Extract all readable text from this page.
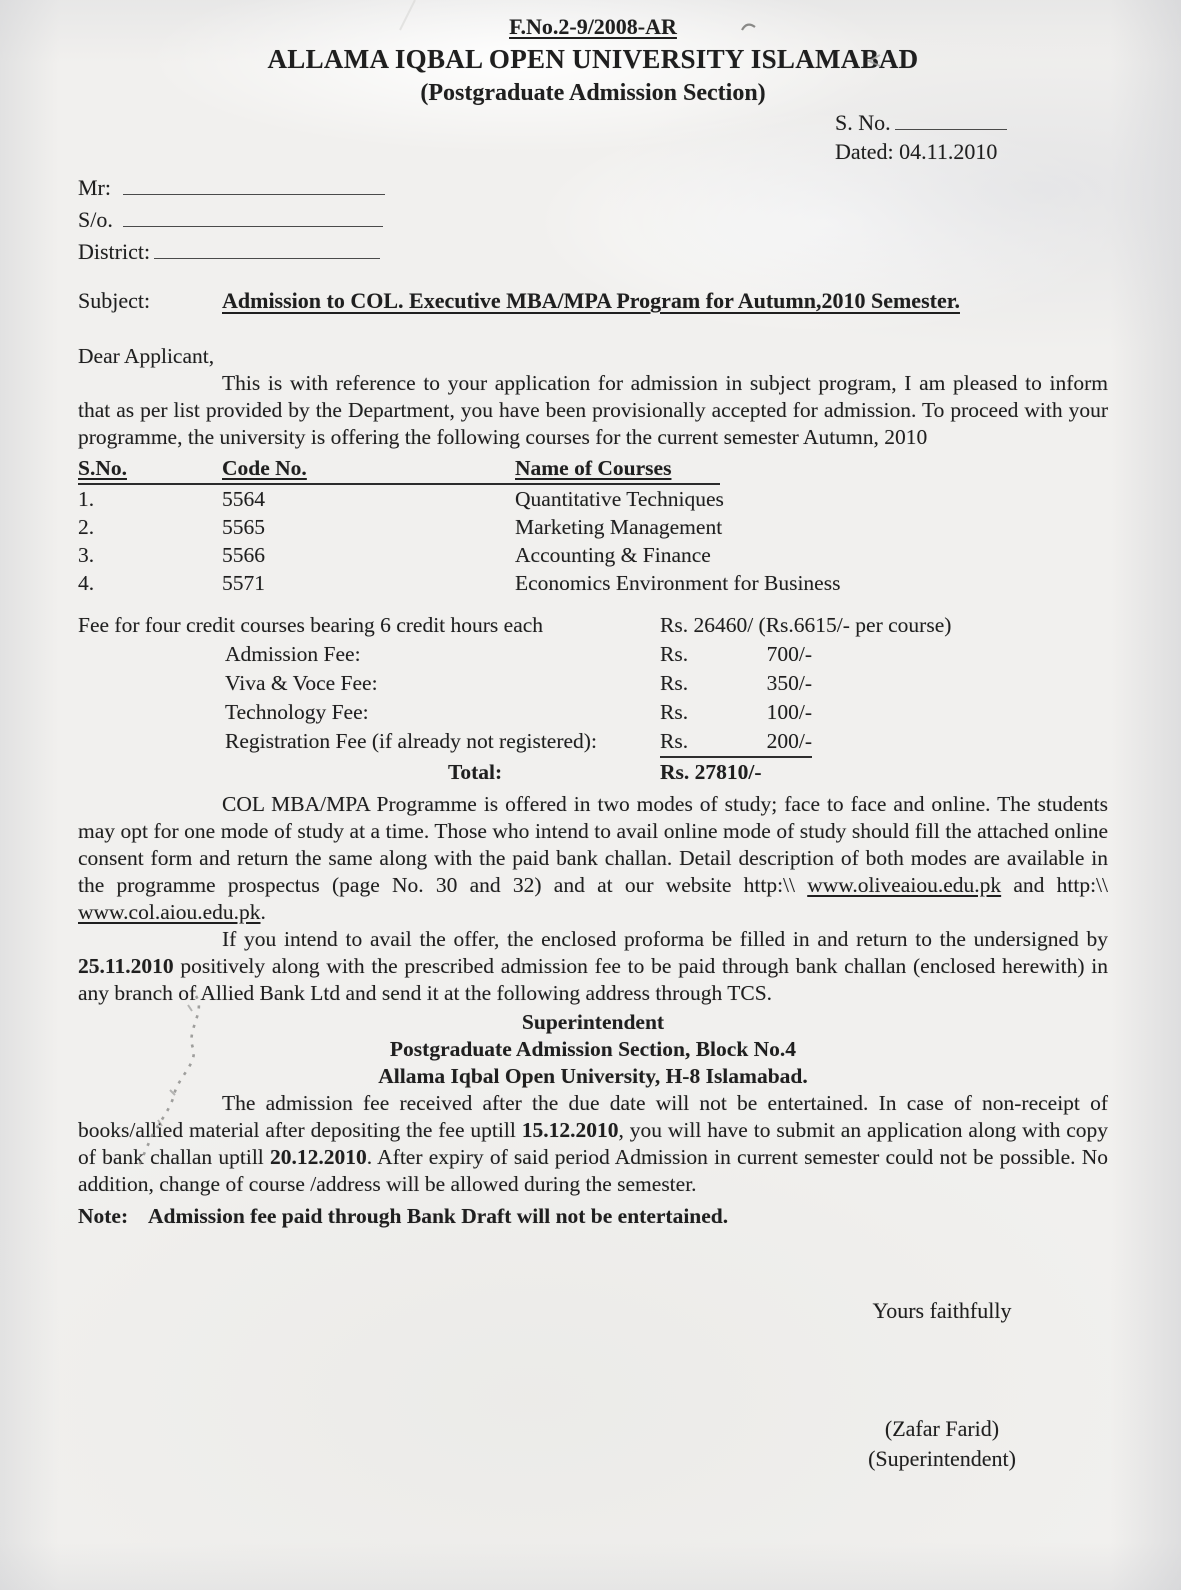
F.No.2-9/2008-AR
ALLAMA IQBAL OPEN UNIVERSITY ISLAMABAD
(Postgraduate Admission Section)
S. No.
Dated: 04.11.2010
Mr:
S/o.
District:
Subject:	Admission to COL. Executive MBA/MPA Program for Autumn,2010 Semester.
Dear Applicant,

This is with reference to your application for admission in subject program, I am pleased to inform that as per list provided by the Department, you have been provisionally accepted for admission. To proceed with your programme, the university is offering the following courses for the current semester Autumn, 2010

S.No.	Code No.	Name of Courses
1.	5564	Quantitative Techniques
2.	5565	Marketing Management
3.	5566	Accounting & Finance
4.	5571	Economics Environment for Business
Fee for four credit courses bearing 6 credit hours each	Rs. 26460/ (Rs.6615/- per course)
Admission Fee:	Rs.	700/-
Viva & Voce Fee:	Rs.	350/-
Technology Fee:	Rs.	100/-
Registration Fee (if already not registered):	Rs.	200/-
Total:	Rs. 27810/-

COL MBA/MPA Programme is offered in two modes of study; face to face and online. The students may opt for one mode of study at a time. Those who intend to avail online mode of study should fill the attached online consent form and return the same along with the paid bank challan. Detail description of both modes are available in the programme prospectus (page No. 30 and 32) and at our website http:\\ www.oliveaiou.edu.pk and http:\\ www.col.aiou.edu.pk.

If you intend to avail the offer, the enclosed proforma be filled in and return to the undersigned by 25.11.2010 positively along with the prescribed admission fee to be paid through bank challan (enclosed herewith) in any branch of Allied Bank Ltd and send it at the following address through TCS.

Superintendent
Postgraduate Admission Section, Block No.4
Allama Iqbal Open University, H-8 Islamabad.

The admission fee received after the due date will not be entertained. In case of non-receipt of books/allied material after depositing the fee uptill 15.12.2010, you will have to submit an application along with copy of bank challan uptill 20.12.2010. After expiry of said period Admission in current semester could not be possible. No addition, change of course /address will be allowed during the semester.

Note: Admission fee paid through Bank Draft will not be entertained.
Yours faithfully
(Zafar Farid)
(Superintendent)
